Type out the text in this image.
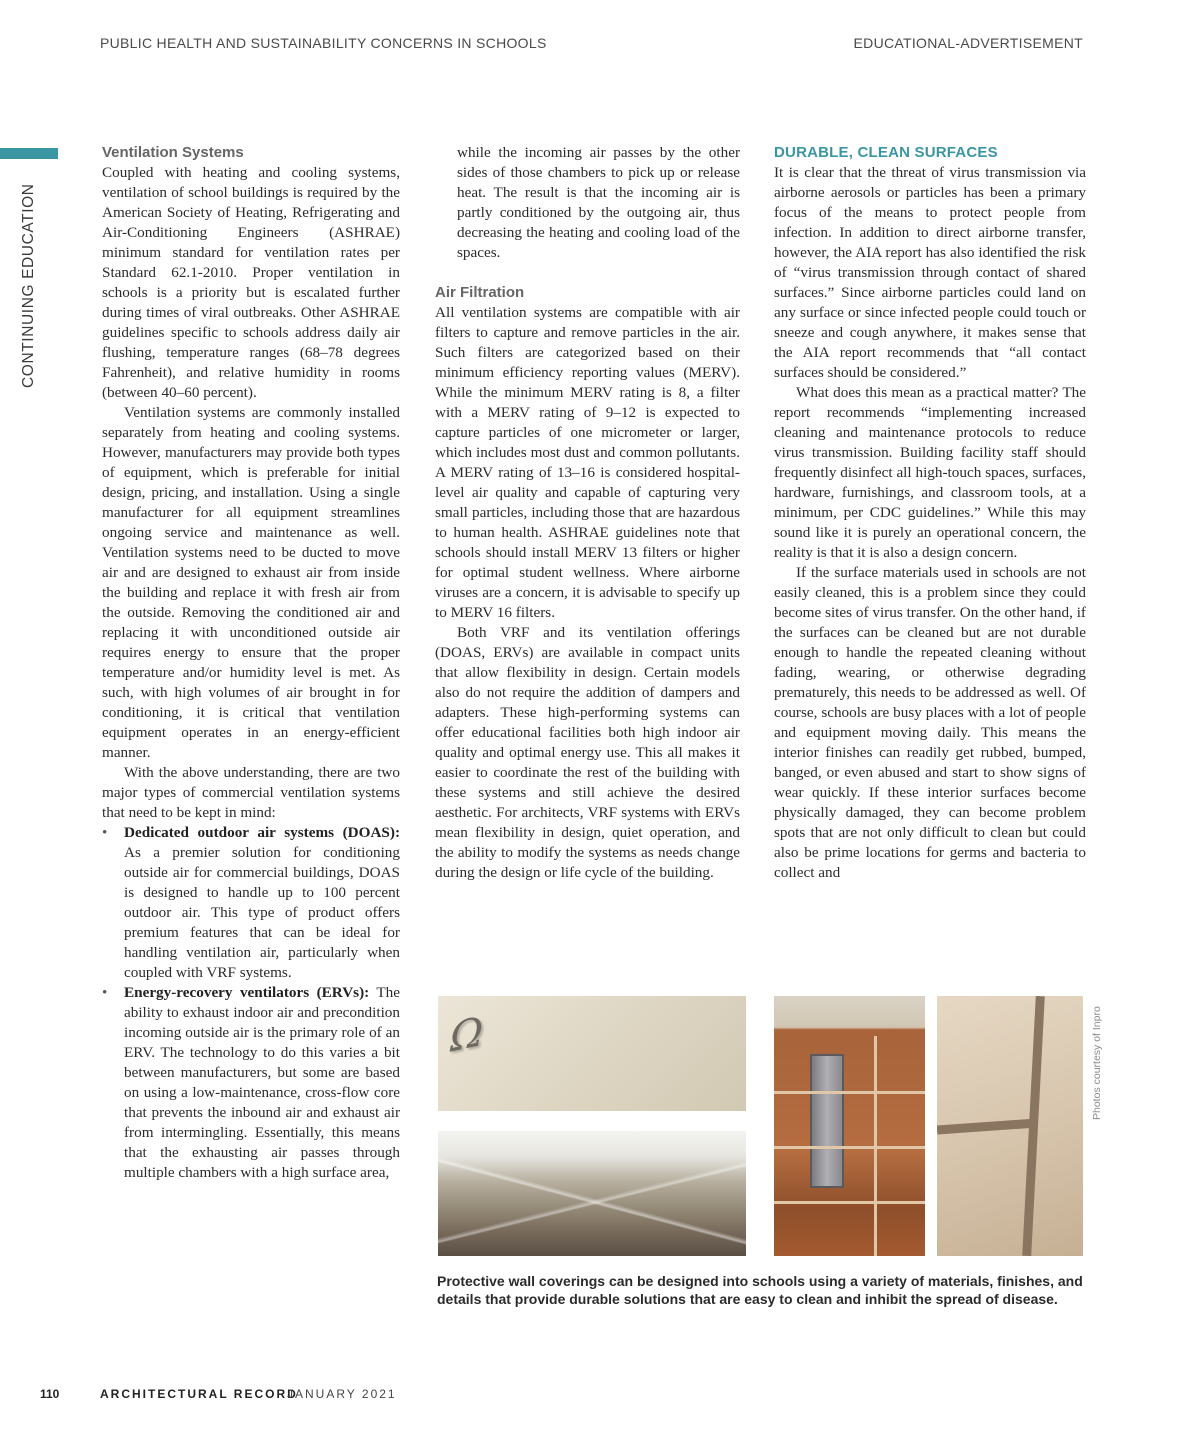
PUBLIC HEALTH AND SUSTAINABILITY CONCERNS IN SCHOOLS	EDUCATIONAL-ADVERTISEMENT
CONTINUING EDUCATION
Ventilation Systems

Coupled with heating and cooling systems, ventilation of school buildings is required by the American Society of Heating, Refrigerating and Air-Conditioning Engineers (ASHRAE) minimum standard for ventilation rates per Standard 62.1-2010. Proper ventilation in schools is a priority but is escalated further during times of viral outbreaks. Other ASHRAE guidelines specific to schools address daily air flushing, temperature ranges (68–78 degrees Fahrenheit), and relative humidity in rooms (between 40–60 percent).

Ventilation systems are commonly installed separately from heating and cooling systems. However, manufacturers may provide both types of equipment, which is preferable for initial design, pricing, and installation. Using a single manufacturer for all equipment streamlines ongoing service and maintenance as well. Ventilation systems need to be ducted to move air and are designed to exhaust air from inside the building and replace it with fresh air from the outside. Removing the conditioned air and replacing it with unconditioned outside air requires energy to ensure that the proper temperature and/or humidity level is met. As such, with high volumes of air brought in for conditioning, it is critical that ventilation equipment operates in an energy-efficient manner.

With the above understanding, there are two major types of commercial ventilation systems that need to be kept in mind:

• Dedicated outdoor air systems (DOAS): As a premier solution for conditioning outside air for commercial buildings, DOAS is designed to handle up to 100 percent outdoor air. This type of product offers premium features that can be ideal for handling ventilation air, particularly when coupled with VRF systems.
• Energy-recovery ventilators (ERVs): The ability to exhaust indoor air and precondition incoming outside air is the primary role of an ERV. The technology to do this varies a bit between manufacturers, but some are based on using a low-maintenance, cross-flow core that prevents the inbound air and exhaust air from intermingling. Essentially, this means that the exhausting air passes through multiple chambers with a high surface area,
while the incoming air passes by the other sides of those chambers to pick up or release heat. The result is that the incoming air is partly conditioned by the outgoing air, thus decreasing the heating and cooling load of the spaces.
Air Filtration

All ventilation systems are compatible with air filters to capture and remove particles in the air. Such filters are categorized based on their minimum efficiency reporting values (MERV). While the minimum MERV rating is 8, a filter with a MERV rating of 9–12 is expected to capture particles of one micrometer or larger, which includes most dust and common pollutants. A MERV rating of 13–16 is considered hospital-level air quality and capable of capturing very small particles, including those that are hazardous to human health. ASHRAE guidelines note that schools should install MERV 13 filters or higher for optimal student wellness. Where airborne viruses are a concern, it is advisable to specify up to MERV 16 filters.

Both VRF and its ventilation offerings (DOAS, ERVs) are available in compact units that allow flexibility in design. Certain models also do not require the addition of dampers and adapters. These high-performing systems can offer educational facilities both high indoor air quality and optimal energy use. This all makes it easier to coordinate the rest of the building with these systems and still achieve the desired aesthetic. For architects, VRF systems with ERVs mean flexibility in design, quiet operation, and the ability to modify the systems as needs change during the design or life cycle of the building.

DURABLE, CLEAN SURFACES

It is clear that the threat of virus transmission via airborne aerosols or particles has been a primary focus of the means to protect people from infection. In addition to direct airborne transfer, however, the AIA report has also identified the risk of “virus transmission through contact of shared surfaces.” Since airborne particles could land on any surface or since infected people could touch or sneeze and cough anywhere, it makes sense that the AIA report recommends that “all contact surfaces should be considered.”

What does this mean as a practical matter? The report recommends “implementing increased cleaning and maintenance protocols to reduce virus transmission. Building facility staff should frequently disinfect all high-touch spaces, surfaces, hardware, furnishings, and classroom tools, at a minimum, per CDC guidelines.” While this may sound like it is purely an operational concern, the reality is that it is also a design concern.

If the surface materials used in schools are not easily cleaned, this is a problem since they could become sites of virus transfer. On the other hand, if the surfaces can be cleaned but are not durable enough to handle the repeated cleaning without fading, wearing, or otherwise degrading prematurely, this needs to be addressed as well. Of course, schools are busy places with a lot of people and equipment moving daily. This means the interior finishes can readily get rubbed, bumped, banged, or even abused and start to show signs of wear quickly. If these interior surfaces become physically damaged, they can become problem spots that are not only difficult to clean but could also be prime locations for germs and bacteria to collect and

Ω	Photos courtesy of Inpro
Protective wall coverings can be designed into schools using a variety of materials, finishes, and details that provide durable solutions that are easy to clean and inhibit the spread of disease.
110	ARCHITECTURAL RECORD
JANUARY 2021
